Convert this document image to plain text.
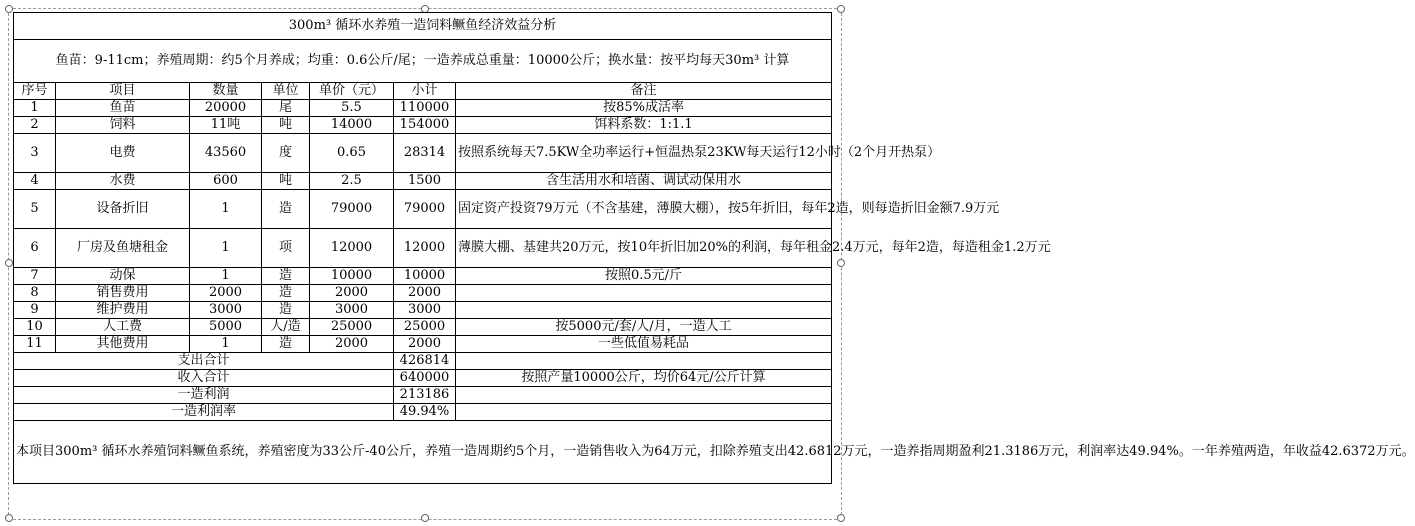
300m³ 循环水养殖一造饲料鳜鱼经济效益分析						
鱼苗：9-11cm；养殖周期：约5个月养成；均重：0.6公斤/尾；一造养成总重量：10000公斤；换水量：按平均每天30m³ 计算						
序号	项目	数量	单位	单价（元）	小计	备注
1	鱼苗	20000	尾	5.5	110000	按85%成活率
2	饲料	11吨	吨	14000	154000	饵料系数：1:1.1
3	电费	43560	度	0.65	28314	按照系统每天7.5KW全功率运行+恒温热泵23KW每天运行12小时（2个月开热泵）
4	水费	600	吨	2.5	1500	含生活用水和培菌、调试动保用水
5	设备折旧	1	造	79000	79000	固定资产投资79万元（不含基建，薄膜大棚），按5年折旧，每年2造，则每造折旧金额7.9万元
6	厂房及鱼塘租金	1	项	12000	12000	薄膜大棚、基建共20万元，按10年折旧加20%的利润，每年租金2.4万元，每年2造，每造租金1.2万元
7	动保	1	造	10000	10000	按照0.5元/斤
8	销售费用	2000	造	2000	2000	
9	维护费用	3000	造	3000	3000	
10	人工费	5000	人/造	25000	25000	按5000元/套/人/月，一造人工
11	其他费用	1	造	2000	2000	一些低值易耗品
支出合计					426814	
收入合计					640000	按照产量10000公斤，均价64元/公斤计算
一造利润					213186	
一造利润率					49.94%	
本项目300m³ 循环水养殖饲料鳜鱼系统，养殖密度为33公斤-40公斤，养殖一造周期约5个月，一造销售收入为64万元，扣除养殖支出42.6812万元，一造养指周期盈利21.3186万元，利润率达49.94%。一年养殖两造，年收益42.6372万元。						
